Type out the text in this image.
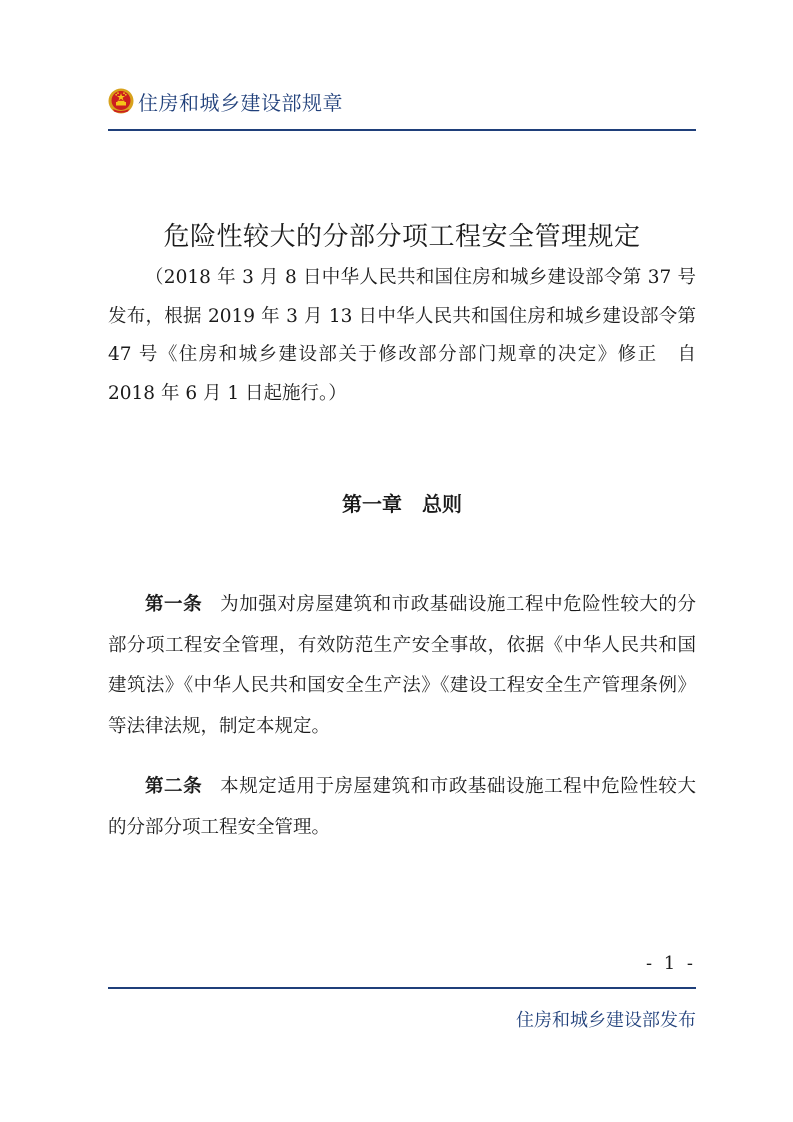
住房和城乡建设部规章
危险性较大的分部分项工程安全管理规定

（2018 年 3 月 8 日中华人民共和国住房和城乡建设部令第 37 号发布，根据 2019 年 3 月 13 日中华人民共和国住房和城乡建设部令第 47 号《住房和城乡建设部关于修改部分部门规章的决定》修正　自 2018 年 6 月 1 日起施行。）

第一章　总则

第一条 为加强对房屋建筑和市政基础设施工程中危险性较大的分部分项工程安全管理，有效防范生产安全事故，依据《中华人民共和国建筑法》《中华人民共和国安全生产法》《建设工程安全生产管理条例》等法律法规，制定本规定。

第二条 本规定适用于房屋建筑和市政基础设施工程中危险性较大的分部分项工程安全管理。

- 1 -
住房和城乡建设部发布
